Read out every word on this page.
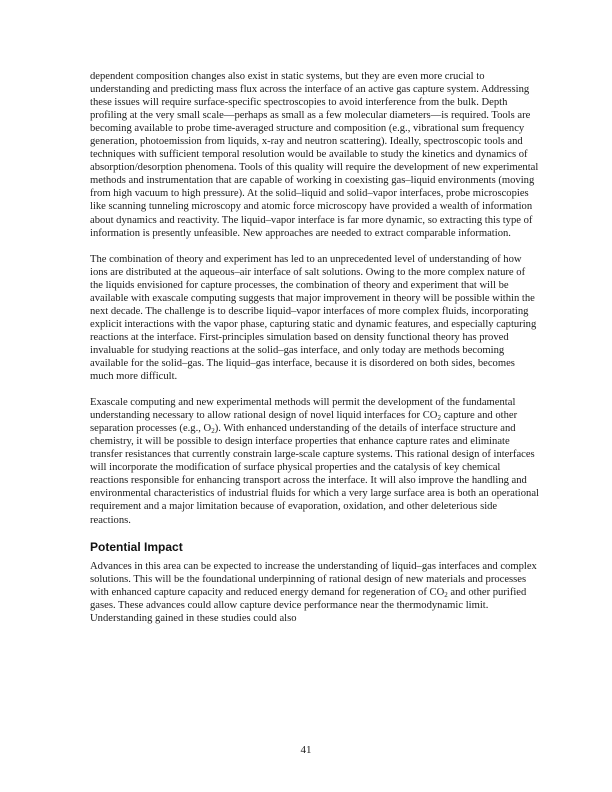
dependent composition changes also exist in static systems, but they are even more crucial to understanding and predicting mass flux across the interface of an active gas capture system. Addressing these issues will require surface-specific spectroscopies to avoid interference from the bulk. Depth profiling at the very small scale—perhaps as small as a few molecular diameters—is required. Tools are becoming available to probe time-averaged structure and composition (e.g., vibrational sum frequency generation, photoemission from liquids, x-ray and neutron scattering). Ideally, spectroscopic tools and techniques with sufficient temporal resolution would be available to study the kinetics and dynamics of absorption/desorption phenomena. Tools of this quality will require the development of new experimental methods and instrumentation that are capable of working in coexisting gas–liquid environments (moving from high vacuum to high pressure). At the solid–liquid and solid–vapor interfaces, probe microscopies like scanning tunneling microscopy and atomic force microscopy have provided a wealth of information about dynamics and reactivity. The liquid–vapor interface is far more dynamic, so extracting this type of information is presently unfeasible. New approaches are needed to extract comparable information.

The combination of theory and experiment has led to an unprecedented level of understanding of how ions are distributed at the aqueous–air interface of salt solutions. Owing to the more complex nature of the liquids envisioned for capture processes, the combination of theory and experiment that will be available with exascale computing suggests that major improvement in theory will be possible within the next decade. The challenge is to describe liquid–vapor interfaces of more complex fluids, incorporating explicit interactions with the vapor phase, capturing static and dynamic features, and especially capturing reactions at the interface. First-principles simulation based on density functional theory has proved invaluable for studying reactions at the solid–gas interface, and only today are methods becoming available for the solid–gas. The liquid–gas interface, because it is disordered on both sides, becomes much more difficult.

Exascale computing and new experimental methods will permit the development of the fundamental understanding necessary to allow rational design of novel liquid interfaces for $CO_2$ capture and other separation processes (e.g., $O_2$). With enhanced understanding of the details of interface structure and chemistry, it will be possible to design interface properties that enhance capture rates and eliminate transfer resistances that currently constrain large-scale capture systems. This rational design of interfaces will incorporate the modification of surface physical properties and the catalysis of key chemical reactions responsible for enhancing transport across the interface. It will also improve the handling and environmental characteristics of industrial fluids for which a very large surface area is both an operational requirement and a major limitation because of evaporation, oxidation, and other deleterious side reactions.

Potential Impact

Advances in this area can be expected to increase the understanding of liquid–gas interfaces and complex solutions. This will be the foundational underpinning of rational design of new materials and processes with enhanced capture capacity and reduced energy demand for regeneration of $CO_2$ and other purified gases. These advances could allow capture device performance near the thermodynamic limit. Understanding gained in these studies could also

41
